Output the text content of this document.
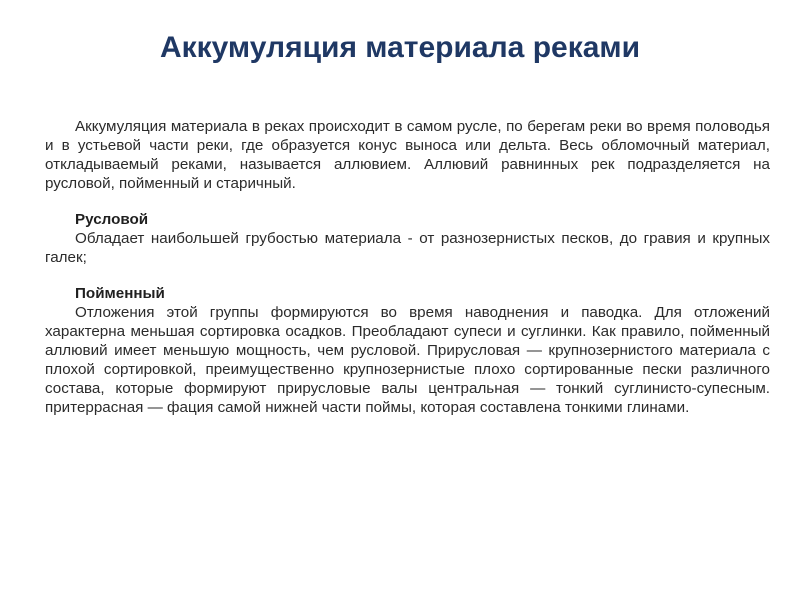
Аккумуляция материала реками

Аккумуляция материала в реках происходит в самом русле, по берегам реки во время половодья и в устьевой части реки, где образуется конус выноса или дельта. Весь обломочный материал, откладываемый реками, называется аллювием. Аллювий равнинных рек подразделяется на русловой, пойменный и старичный.

Русловой

Обладает наибольшей грубостью материала - от разнозернистых песков, до гравия и крупных галек;

Пойменный

Отложения этой группы формируются во время наводнения и паводка. Для отложений характерна меньшая сортировка осадков. Преобладают супеси и суглинки. Как правило, пойменный аллювий имеет меньшую мощность, чем русловой. Прирусловая — крупнозернистого материала с плохой сортировкой, преимущественно крупнозернистые плохо сортированные пески различного состава, которые формируют прирусловые валы центральная — тонкий суглинисто-супесным. притеррасная — фация самой нижней части поймы, которая составлена тонкими глинами.
